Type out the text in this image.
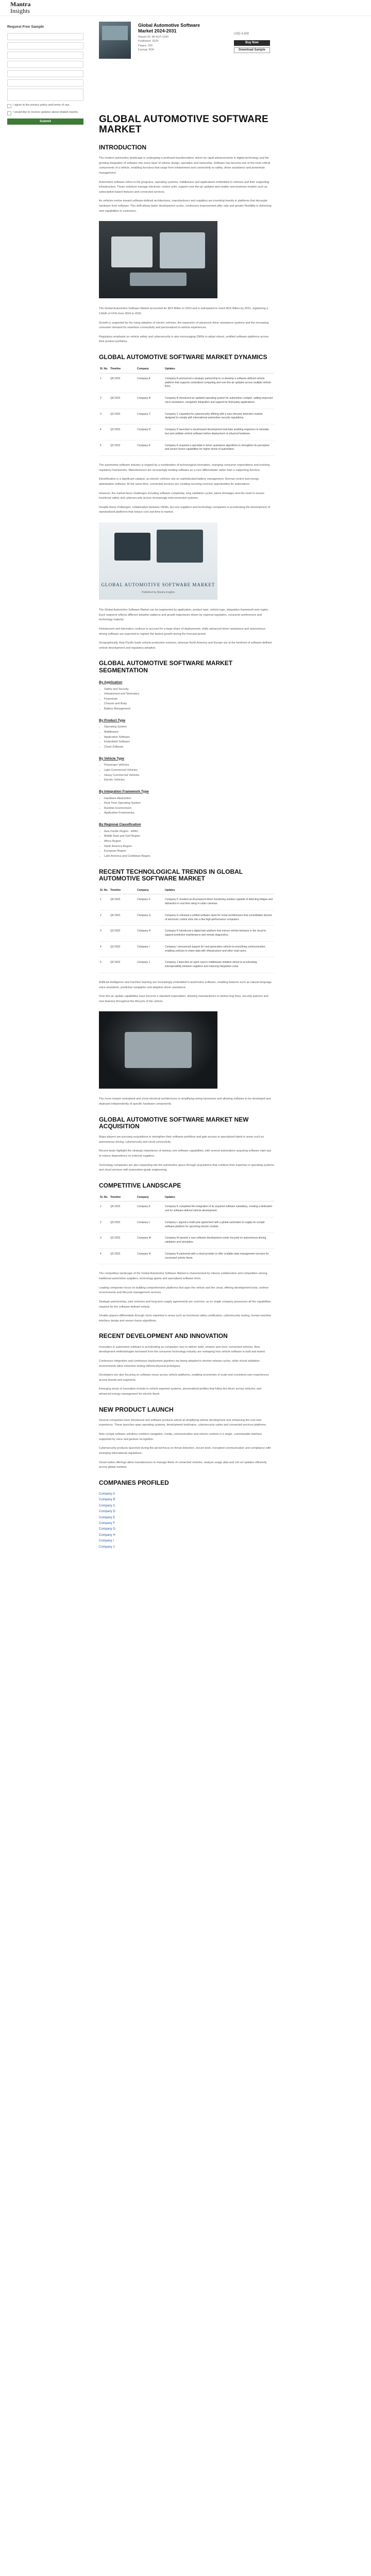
Mantra
Insights
Request Free Sample
I agree to the privacy policy and terms of use.
I would like to receive updates about related reports.
Submit
Global Automotive Software Market 2024-2031
Report ID: MI-AUT-1042
Published: 2024
Pages: 150
Format: PDF
USD 4,500
Buy Now
Download Sample
GLOBAL AUTOMOTIVE SOFTWARE MARKET
INTRODUCTION

The modern automotive landscape is undergoing a profound transformation, driven by rapid advancements in digital technology and the growing integration of software into every layer of vehicle design, operation and ownership. Software has become one of the most critical components of a vehicle, enabling functions that range from infotainment and connectivity to safety, driver assistance and powertrain management.

Automotive software refers to the programs, operating systems, middleware and applications embedded in vehicles and their supporting infrastructure. These solutions manage electronic control units, support over-the-air updates and enable new business models such as subscription-based features and connected services.

As vehicles evolve toward software-defined architectures, manufacturers and suppliers are investing heavily in platforms that decouple hardware from software. This shift allows faster development cycles, continuous improvement after sale and greater flexibility in delivering new capabilities to customers.

The Global Automotive Software Market accounted for $XX Billion in 2023 and is anticipated to reach $XX Billion by 2031, registering a CAGR of XX% from 2024 to 2031.

Growth is supported by the rising adoption of electric vehicles, the expansion of advanced driver assistance systems and the increasing consumer demand for seamless connectivity and personalized in-vehicle experiences.

Regulatory emphasis on vehicle safety and cybersecurity is also encouraging OEMs to adopt robust, certified software platforms across their product portfolios.

GLOBAL AUTOMOTIVE SOFTWARE MARKET DYNAMICS
Sl. No.	Timeline	Company	Updates
1	Q4 2023	Company A	Company A announced a strategic partnership to co-develop a software-defined vehicle platform that supports centralized computing and over-the-air updates across multiple vehicle lines.
2	Q4 2023	Company B	Company B introduced an updated operating system for automotive cockpits, adding improved voice assistance, navigation integration and support for third-party applications.
3	Q3 2023	Company C	Company C expanded its cybersecurity offering with a new intrusion detection module designed to comply with international automotive security regulations.
4	Q3 2023	Company D	Company D launched a cloud-based development toolchain enabling engineers to simulate, test and validate vehicle software before deployment on physical hardware.
5	Q2 2023	Company E	Company E acquired a specialist in driver assistance algorithms to strengthen its perception and sensor fusion capabilities for higher levels of automation.

The automotive software industry is shaped by a combination of technological innovation, changing consumer expectations and evolving regulatory frameworks. Manufacturers are increasingly treating software as a core differentiator rather than a supporting function.

Electrification is a significant catalyst, as electric vehicles rely on sophisticated battery management, thermal control and energy optimization software. At the same time, connected services are creating recurring revenue opportunities for automakers.

However, the market faces challenges including software complexity, long validation cycles, talent shortages and the need to ensure functional safety and cybersecurity across increasingly interconnected systems.

Despite these challenges, collaboration between OEMs, tier-one suppliers and technology companies is accelerating the development of standardized platforms that reduce cost and time to market.

GLOBAL AUTOMOTIVE SOFTWARE MARKET
Published by Mantra Insights

The Global Automotive Software Market can be segmented by application, product type, vehicle type, integration framework and region. Each segment reflects different adoption patterns and growth trajectories driven by regional regulation, consumer preferences and technology maturity.

Infotainment and telematics continue to account for a large share of deployments, while advanced driver assistance and autonomous driving software are expected to register the fastest growth during the forecast period.

Geographically, Asia Pacific leads vehicle production volumes, whereas North America and Europe are at the forefront of software-defined vehicle development and regulatory adoption.

GLOBAL AUTOMOTIVE SOFTWARE MARKET SEGMENTATION
By Application
• Safety and Security
• Infotainment and Telematics
• Powertrain
• Chassis and Body
• Battery Management
By Product Type
• Operating System
• Middleware
• Application Software
• Embedded Software
• Cloud Software
By Vehicle Type
• Passenger Vehicles
• Light Commercial Vehicles
• Heavy Commercial Vehicles
• Electric Vehicles
By Integration Framework Type
• Hardware Abstraction
• Real-Time Operating System
• Runtime Environment
• Application Frameworks
By Regional Classification
• Asia Pacific Region - APAC
• Middle East and Gulf Region
• Africa Region
• North America Region
• European Region
• Latin America and Caribbean Region
RECENT TECHNOLOGICAL TRENDS IN GLOBAL AUTOMOTIVE SOFTWARE MARKET
Sl. No.	Timeline	Company	Updates
1	Q4 2023	Company F	Company F unveiled an AI-powered driver monitoring solution capable of detecting fatigue and distraction in real time using in-cabin cameras.
2	Q4 2023	Company G	Company G released a unified software stack for zonal architectures that consolidates dozens of electronic control units into a few high-performance computers.
3	Q3 2023	Company H	Company H introduced a digital twin platform that mirrors vehicle behavior in the cloud to support predictive maintenance and remote diagnostics.
4	Q3 2023	Company I	Company I announced support for next-generation vehicle-to-everything communication, enabling vehicles to share data with infrastructure and other road users.
5	Q2 2023	Company J	Company J launched an open-source middleware initiative aimed at accelerating interoperability between suppliers and reducing integration costs.

Artificial intelligence and machine learning are increasingly embedded in automotive software, enabling features such as natural language voice assistants, predictive navigation and adaptive driver assistance.

Over-the-air update capabilities have become a standard expectation, allowing manufacturers to deliver bug fixes, security patches and new features throughout the lifecycle of the vehicle.

The move toward centralized and zonal electrical architectures is simplifying wiring harnesses and allowing software to be developed and deployed independently of specific hardware components.

GLOBAL AUTOMOTIVE SOFTWARE MARKET NEW ACQUISITION

Major players are pursuing acquisitions to strengthen their software portfolios and gain access to specialized talent in areas such as autonomous driving, cybersecurity and cloud connectivity.

Recent deals highlight the strategic importance of owning core software capabilities, with several automakers acquiring software start-ups to reduce dependence on external suppliers.

Technology companies are also expanding into the automotive space through acquisitions that combine their expertise in operating systems and cloud services with automotive-grade engineering.

COMPETITIVE LANDSCAPE
Sl. No.	Timeline	Company	Updates
1	Q4 2023	Company K	Company K completed the integration of its acquired software subsidiary, creating a dedicated unit for software-defined vehicle development.
2	Q3 2023	Company L	Company L signed a multi-year agreement with a global automaker to supply its cockpit software platform for upcoming electric models.
3	Q3 2023	Company M	Company M opened a new software development center focused on autonomous driving validation and simulation.
4	Q2 2023	Company N	Company N partnered with a cloud provider to offer scalable data management services for connected vehicle fleets.

The competitive landscape of the Global Automotive Software Market is characterized by intense collaboration and competition among traditional automotive suppliers, technology giants and specialized software firms.

Leading companies focus on building comprehensive platforms that span the vehicle and the cloud, offering development tools, runtime environments and lifecycle management services.

Strategic partnerships, joint ventures and long-term supply agreements are common, as no single company possesses all the capabilities required for the software-defined vehicle.

Smaller players differentiate through niche expertise in areas such as functional safety certification, cybersecurity testing, human machine interface design and sensor fusion algorithms.

RECENT DEVELOPMENT AND INNOVATION

Innovation in automotive software is accelerating as companies race to deliver safer, smarter and more connected vehicles. New development methodologies borrowed from the consumer technology industry are reshaping how vehicle software is built and tested.

Continuous integration and continuous deployment pipelines are being adopted to shorten release cycles, while virtual validation environments allow extensive testing without physical prototypes.

Developers are also focusing on software reuse across vehicle platforms, enabling economies of scale and consistent user experiences across brands and segments.

Emerging areas of innovation include in-vehicle payment systems, personalized profiles that follow the driver across vehicles, and advanced energy management for electric fleets.

NEW PRODUCT LAUNCH

Several companies have introduced new software products aimed at simplifying vehicle development and enhancing the end-user experience. These launches span operating systems, development toolchains, cybersecurity suites and connected services platforms.

New cockpit software solutions combine navigation, media, communication and vehicle controls in a single, customizable interface supported by voice and gesture recognition.

Cybersecurity products launched during the period focus on threat detection, secure boot, encrypted communication and compliance with emerging international regulations.

Cloud-native offerings allow manufacturers to manage fleets of connected vehicles, analyze usage data and roll out updates efficiently across global markets.

COMPANIES PROFILED
Company A
Company B
Company C
Company D
Company E
Company F
Company G
Company H
Company I
Company J
